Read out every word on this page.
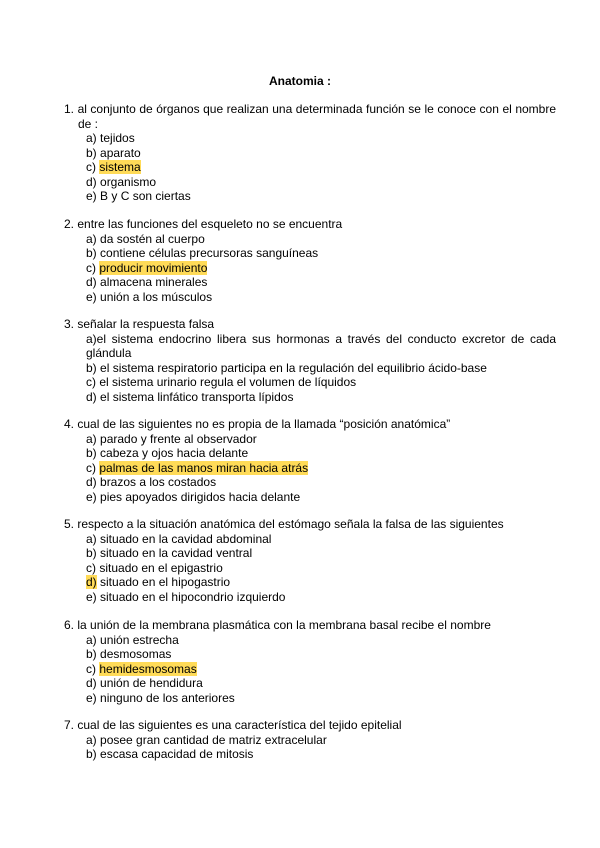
Anatomia :
1. al conjunto de órganos que realizan una determinada función se le conoce con el nombre de :
a) tejidos
b) aparato
c) sistema
d) organismo
e) B y C son ciertas
2. entre las funciones del esqueleto no se encuentra
a) da sostén al cuerpo
b) contiene células precursoras sanguíneas
c) producir movimiento
d) almacena minerales
e) unión a los músculos
3. señalar la respuesta falsa
a)el sistema endocrino libera sus hormonas a través del conducto excretor de cada glándula
b) el sistema respiratorio participa en la regulación del equilibrio ácido-base
c) el sistema urinario regula el volumen de líquidos
d) el sistema linfático transporta lípidos
4. cual de las siguientes no es propia de la llamada “posición anatómica”
a) parado y frente al observador
b) cabeza y ojos hacia delante
c) palmas de las manos miran hacia atrás
d) brazos a los costados
e) pies apoyados dirigidos hacia delante
5. respecto a la situación anatómica del estómago señala la falsa de las siguientes
a) situado en la cavidad abdominal
b) situado en la cavidad ventral
c) situado en el epigastrio
d) situado en el hipogastrio
e) situado en el hipocondrio izquierdo
6. la unión de la membrana plasmática con la membrana basal recibe el nombre
a) unión estrecha
b) desmosomas
c) hemidesmosomas
d) unión de hendidura
e) ninguno de los anteriores
7. cual de las siguientes es una característica del tejido epitelial
a) posee gran cantidad de matriz extracelular
b) escasa capacidad de mitosis
